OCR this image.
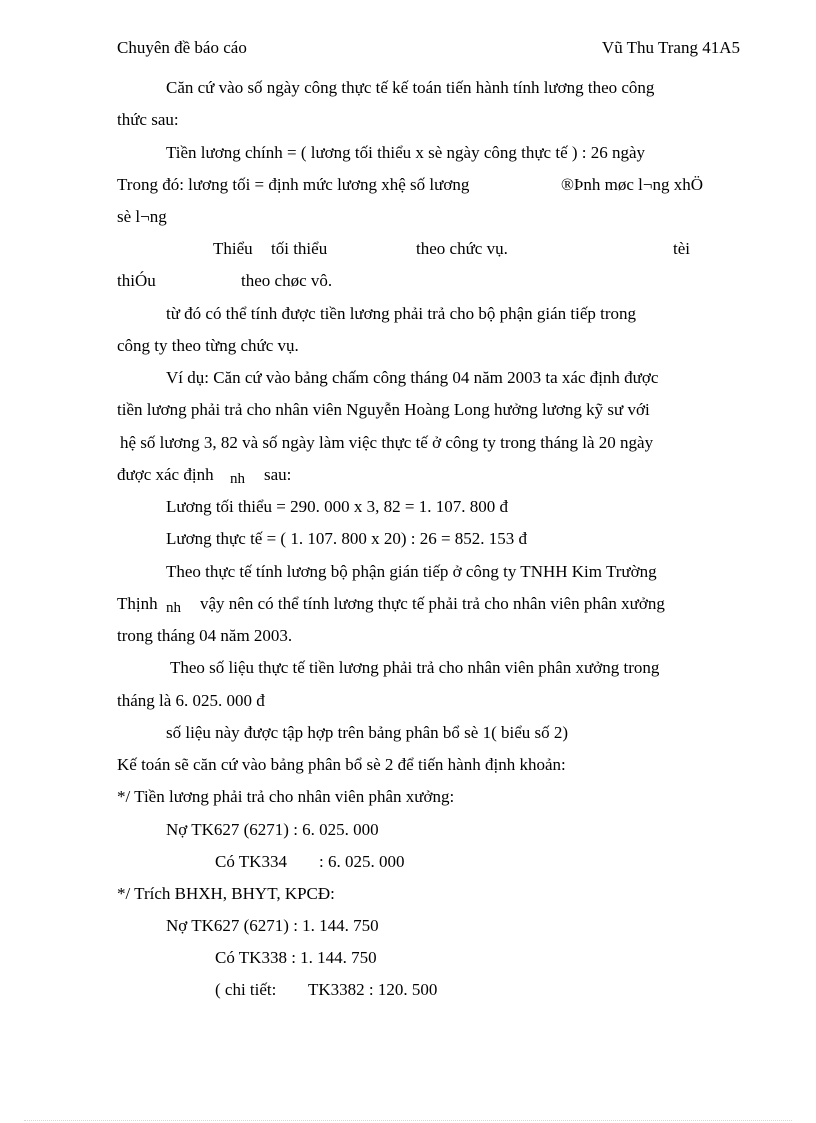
Chuyên đề báo cáo	Vũ Thu Trang 41A5
Căn cứ vào số ngày công thực tế kế toán tiến hành tính lương theo công
thức sau:
Tiền lương chính = ( lương tối thiểu x sè ngày công thực tế ) : 26 ngày
Trong đó: lương tối = định mức lương xhệ số lương	®Þnh møc l¬ng xhÖ
sè l¬ng
Thiểu tối thiểu	theo chức vụ.	tèi
thiÓu	theo chøc vô.
từ đó có thể tính được tiền lương phải trả cho bộ phận gián tiếp trong
công ty theo từng chức vụ.
Ví dụ: Căn cứ vào bảng chấm công tháng 04 năm 2003 ta xác định được
tiền lương phải trả cho nhân viên Nguyễn Hoàng Long hưởng lương kỹ sư với
hệ số lương 3, 82 và số ngày làm việc thực tế ở công ty trong tháng là 20 ngày
được xác định nh sau:
Lương tối thiểu = 290. 000 x 3, 82 = 1. 107. 800 đ
Lương thực tế = ( 1. 107. 800 x 20) : 26 = 852. 153 đ
Theo thực tế tính lương bộ phận gián tiếp ở công ty TNHH Kim Trường
Thịnh nh vậy nên có thể tính lương thực tế phải trả cho nhân viên phân xưởng
trong tháng 04 năm 2003.
Theo số liệu thực tế tiền lương phải trả cho nhân viên phân xưởng trong
tháng là 6. 025. 000 đ
số liệu này được tập hợp trên bảng phân bổ sè 1( biểu số 2)
Kế toán sẽ căn cứ vào bảng phân bổ sè 2 để tiến hành định khoản:
*/ Tiền lương phải trả cho nhân viên phân xưởng:
Nợ TK627 (6271) : 6. 025. 000
Có TK334 : 6. 025. 000
*/ Trích BHXH, BHYT, KPCĐ:
Nợ TK627 (6271) : 1. 144. 750
Có TK338 : 1. 144. 750
( chi tiết: TK3382 : 120. 500
